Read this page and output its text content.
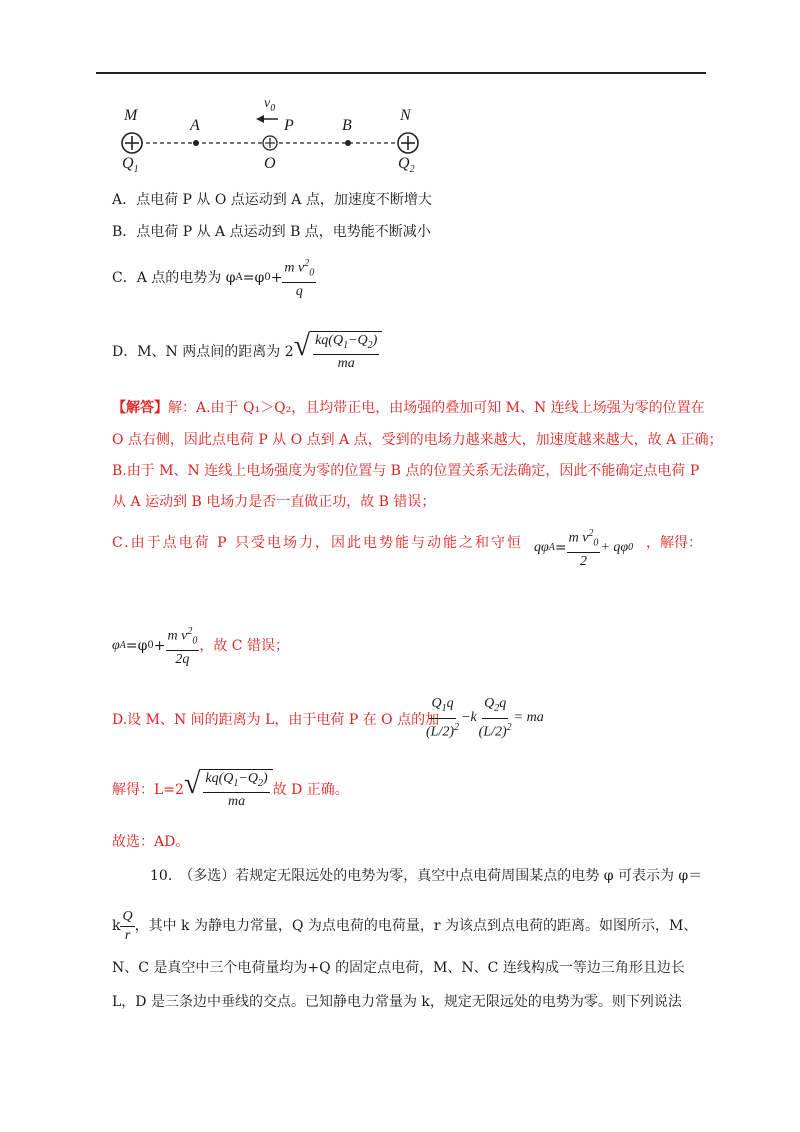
M
A
$v_0$
P	B
N
$Q_1$	O	$Q_2$
A．点电荷 P 从 O 点运动到 A 点，加速度不断增大
B．点电荷 P 从 A 点运动到 B 点，电势能不断减小
C．A 点的电势为 φ A =φ $0 + \frac{m v^2_0}{q}$
D．M、N 两点间的距离为 2 √ $\frac{kq(Q_1-Q_2)}{ma}$
【解答】解：A.由于 Q₁＞Q₂，且均带正电，由场强的叠加可知 M、N 连线上场强为零的位置在
O 点右侧，因此点电荷 P 从 O 点到 A 点，受到的电场力越来越大，加速度越来越大，故 A 正确；
B.由于 M、N 连线上电场强度为零的位置与 B 点的位置关系无法确定，因此不能确定点电荷 P
从 A 运动到 B 电场力是否一直做正功，故 B 错误；
C.由于点电荷 P 只受电场力，因此电势能与动能之和守恒 qφ $A = \frac{m v^2_0}{2} + q\varphi$ 0 ，解得：
φ A =φ $0 + \frac{m v^2_0}{2q}$ ，故 C 错误；
D.设 M、N 间的距离为 L，由于电荷 P 在 O 点的加
$\frac{Q_1q}{(L/2)^2} -k \frac{Q_2q}{(L/2)^2}$ = ma
解得：L =2 √ $\frac{kq(Q_1-Q_2)}{ma}$ 故 D 正确。
故选：AD。
10.　（多选）若规定无限远处的电势为零，真空中点电荷周围某点的电势 φ 可表示为 φ＝
k $\frac{Q}{r}$ ，其中 k 为静电力常量，Q 为点电荷的电荷量，r 为该点到点电荷的距离。如图所示，M、
N、C 是真空中三个电荷量均为+Q 的固定点电荷，M、N、C 连线构成一等边三角形且边长
L，D 是三条边中垂线的交点。已知静电力常量为 k，规定无限远处的电势为零。则下列说法
